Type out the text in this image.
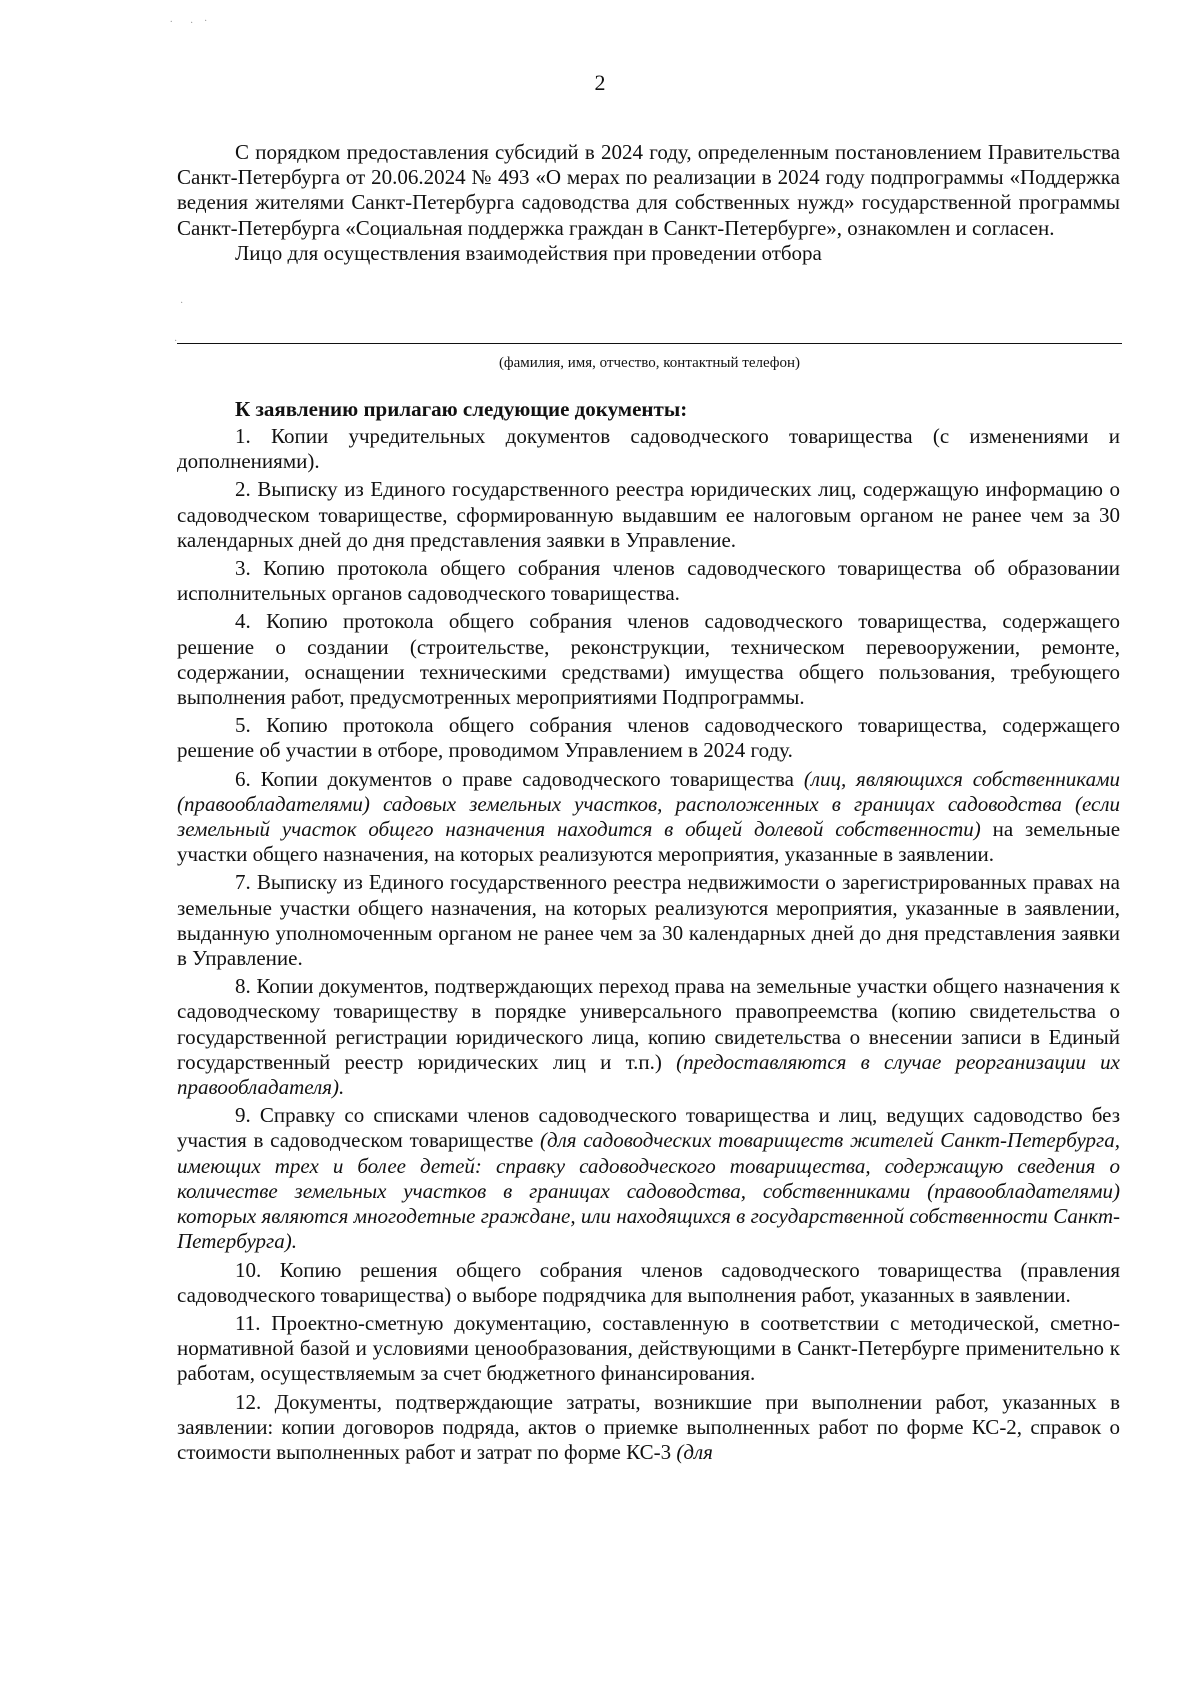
. · ·
·
·
2

С порядком предоставления субсидий в 2024 году, определенным постановлением Правительства Санкт-Петербурга от 20.06.2024 № 493 «О мерах по реализации в 2024 году подпрограммы «Поддержка ведения жителями Санкт-Петербурга садоводства для собственных нужд» государственной программы Санкт-Петербурга «Социальная поддержка граждан в Санкт-Петербурге», ознакомлен и согласен.

Лицо для осуществления взаимодействия при проведении отбора

(фамилия, имя, отчество, контактный телефон)
К заявлению прилагаю следующие документы:

1. Копии учредительных документов садоводческого товарищества (с изменениями и дополнениями).

2. Выписку из Единого государственного реестра юридических лиц, содержащую информацию о садоводческом товариществе, сформированную выдавшим ее налоговым органом не ранее чем за 30 календарных дней до дня представления заявки в Управление.

3. Копию протокола общего собрания членов садоводческого товарищества об образовании исполнительных органов садоводческого товарищества.

4. Копию протокола общего собрания членов садоводческого товарищества, содержащего решение о создании (строительстве, реконструкции, техническом перевооружении, ремонте, содержании, оснащении техническими средствами) имущества общего пользования, требующего выполнения работ, предусмотренных мероприятиями Подпрограммы.

5. Копию протокола общего собрания членов садоводческого товарищества, содержащего решение об участии в отборе, проводимом Управлением в 2024 году.

6. Копии документов о праве садоводческого товарищества (лиц, являющихся собственниками (правообладателями) садовых земельных участков, расположенных в границах садоводства (если земельный участок общего назначения находится в общей долевой собственности) на земельные участки общего назначения, на которых реализуются мероприятия, указанные в заявлении.

7. Выписку из Единого государственного реестра недвижимости о зарегистрированных правах на земельные участки общего назначения, на которых реализуются мероприятия, указанные в заявлении, выданную уполномоченным органом не ранее чем за 30 календарных дней до дня представления заявки в Управление.

8. Копии документов, подтверждающих переход права на земельные участки общего назначения к садоводческому товариществу в порядке универсального правопреемства (копию свидетельства о государственной регистрации юридического лица, копию свидетельства о внесении записи в Единый государственный реестр юридических лиц и т.п.) (предоставляются в случае реорганизации их правообладателя).

9. Справку со списками членов садоводческого товарищества и лиц, ведущих садоводство без участия в садоводческом товариществе (для садоводческих товариществ жителей Санкт-Петербурга, имеющих трех и более детей: справку садоводческого товарищества, содержащую сведения о количестве земельных участков в границах садоводства, собственниками (правообладателями) которых являются многодетные граждане, или находящихся в государственной собственности Санкт-Петербурга).

10. Копию решения общего собрания членов садоводческого товарищества (правления садоводческого товарищества) о выборе подрядчика для выполнения работ, указанных в заявлении.

11. Проектно-сметную документацию, составленную в соответствии с методической, сметно-нормативной базой и условиями ценообразования, действующими в Санкт-Петербурге применительно к работам, осуществляемым за счет бюджетного финансирования.

12. Документы, подтверждающие затраты, возникшие при выполнении работ, указанных в заявлении: копии договоров подряда, актов о приемке выполненных работ по форме КС-2, справок о стоимости выполненных работ и затрат по форме КС-3 (для
